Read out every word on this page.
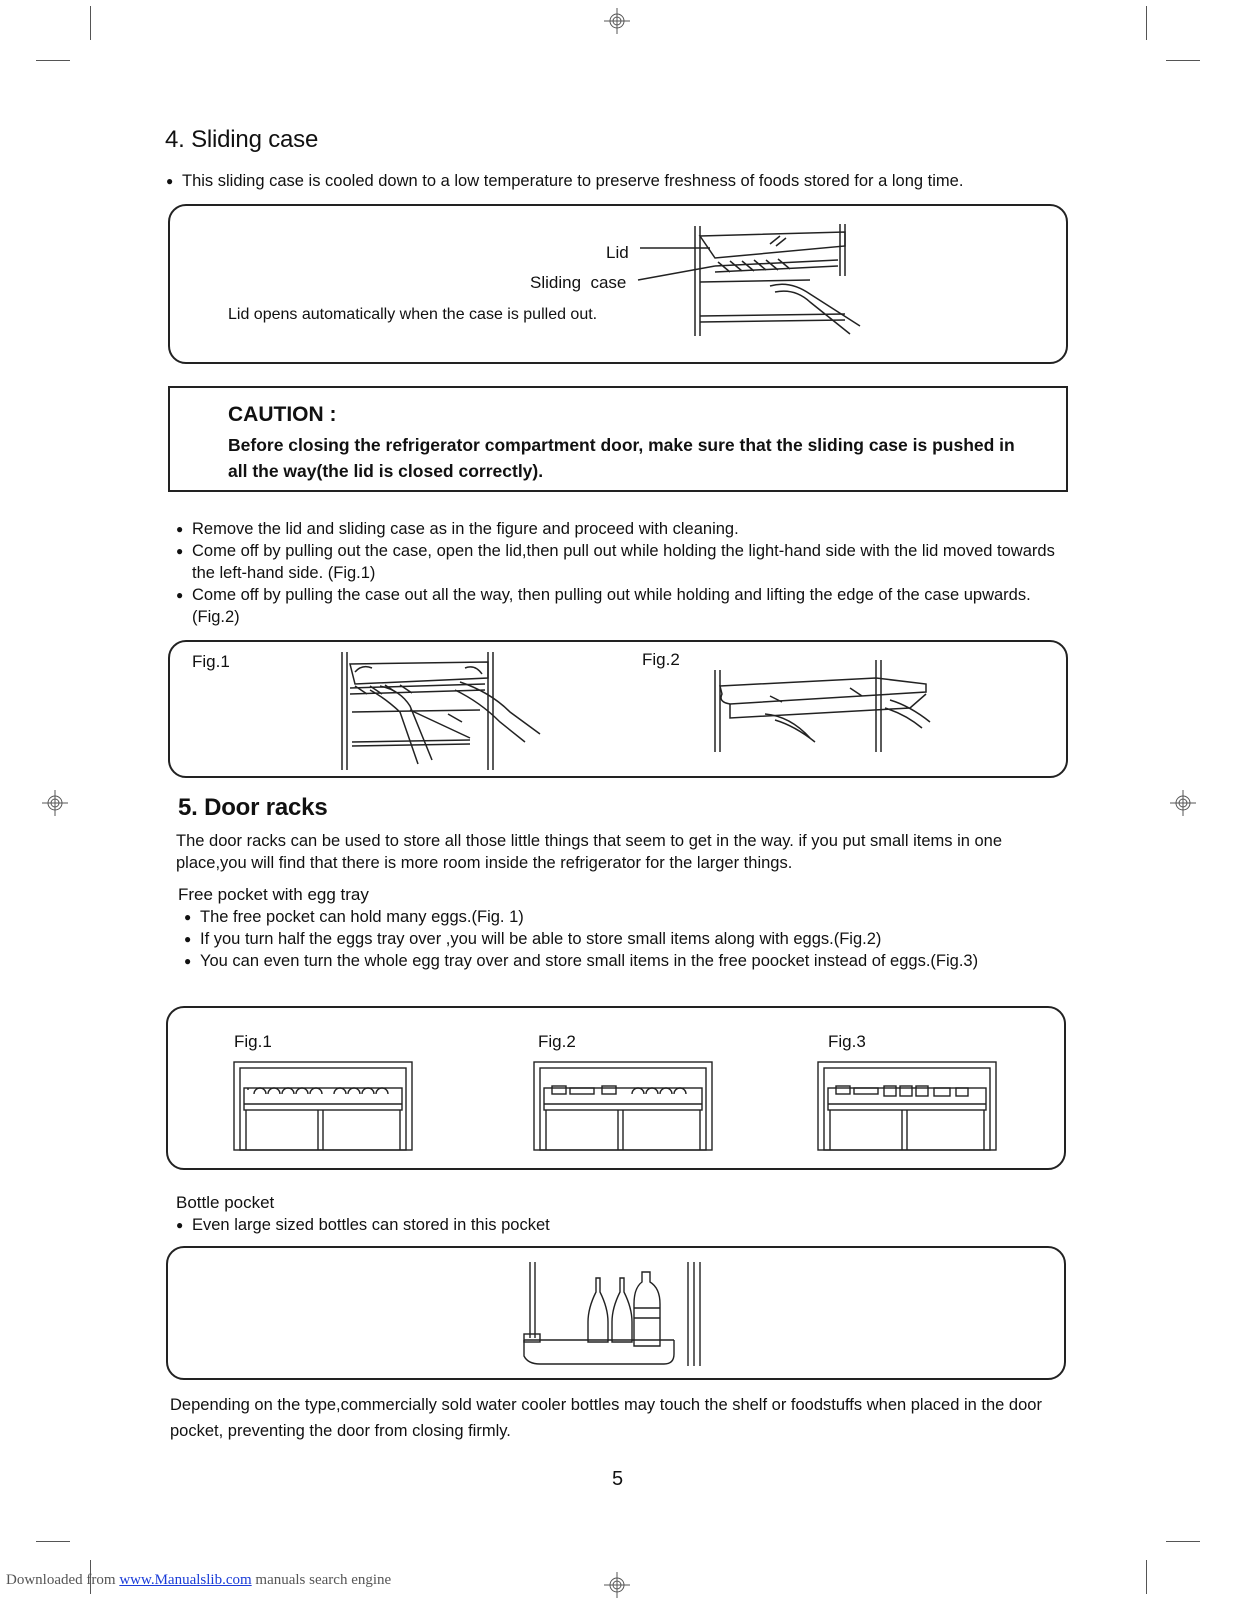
4. Sliding case
● This sliding case is cooled down to a low temperature to preserve freshness of foods stored for a long time.
Lid
Sliding  case
Lid opens automatically when the case is pulled out.
CAUTION :
Before closing the refrigerator compartment door, make sure that the sliding case is pushed in all the way(the lid is closed correctly).
● Remove the lid and sliding case as in the figure and proceed with cleaning.
● Come off by pulling out the case, open the lid,then pull out while holding the light-hand side with the lid moved towards the left-hand side. (Fig.1)
● Come off by pulling the case out all the way, then pulling out while holding and lifting the edge of the case upwards.(Fig.2)
Fig.1	Fig.2
5. Door racks

The door racks can be used to store all those little things that seem to get in the way. if you put small items in one place,you will find that there is more room inside the refrigerator for the larger things.

Free pocket with egg tray
● The free pocket can hold many eggs.(Fig. 1)
● If you turn half the eggs tray over ,you will be able to store small items along with eggs.(Fig.2)
● You can even turn the whole egg tray over and store small items in the free poocket instead of eggs.(Fig.3)
Fig.1	Fig.2	Fig.3
Bottle pocket
● Even large sized bottles can stored in this pocket

Depending on the type,commercially sold water cooler bottles may touch the shelf or foodstuffs when placed in the door pocket, preventing the door from closing firmly.

5
Downloaded from www.Manualslib.com manuals search engine
